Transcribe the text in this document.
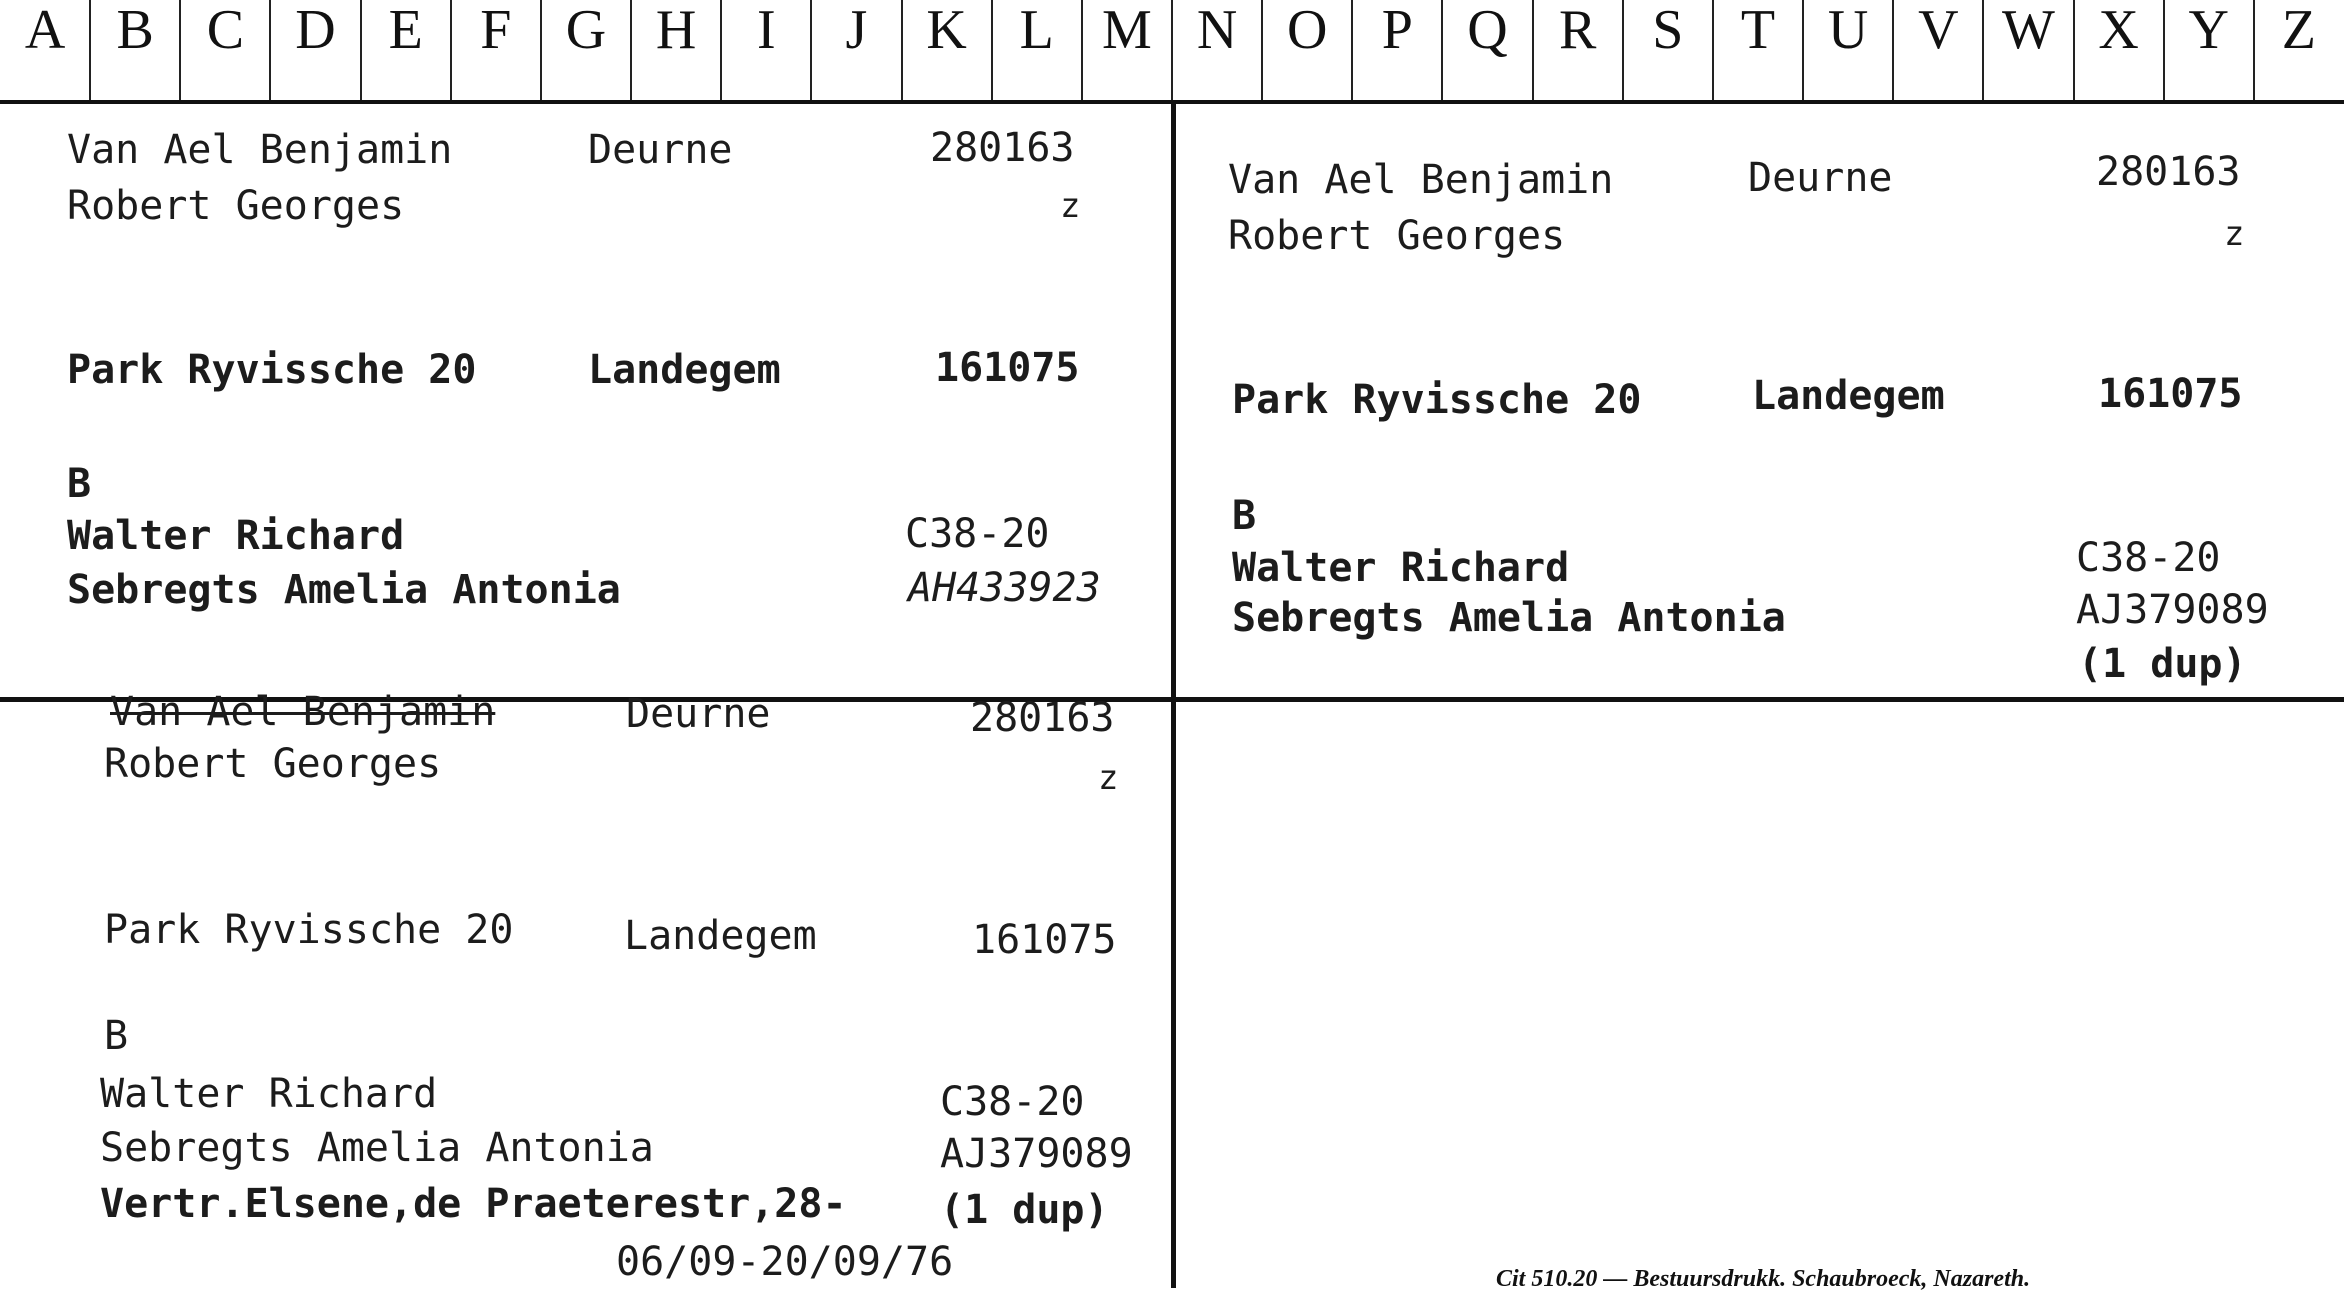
A B C D E	F G H	I	J	K L M N O P Q R S	T U V W X Y Z
Van Ael Benjamin	Deurne	280163
Robert Georges	z
Park Ryvissche 20	Landegem	161075
B
Walter Richard	C38-20
Sebregts Amelia Antonia	AH433923
Van Ael Benjamin	Deurne	280163
Robert Georges	z
Park Ryvissche 20	Landegem	161075
B
Walter Richard	C38-20
Sebregts Amelia Antonia	AJ379089
(1 dup)
Van Ael Benjamin	Deurne	280163
Robert Georges	z
Park Ryvissche 20	Landegem	161075
B
Walter Richard	C38-20
Sebregts Amelia Antonia	AJ379089
Vertr.Elsene,de Praeterestr,28- (1 dup)
06/09-20/09/76	Cit 510.20 — Bestuursdrukk. Schaubroeck, Nazareth.
